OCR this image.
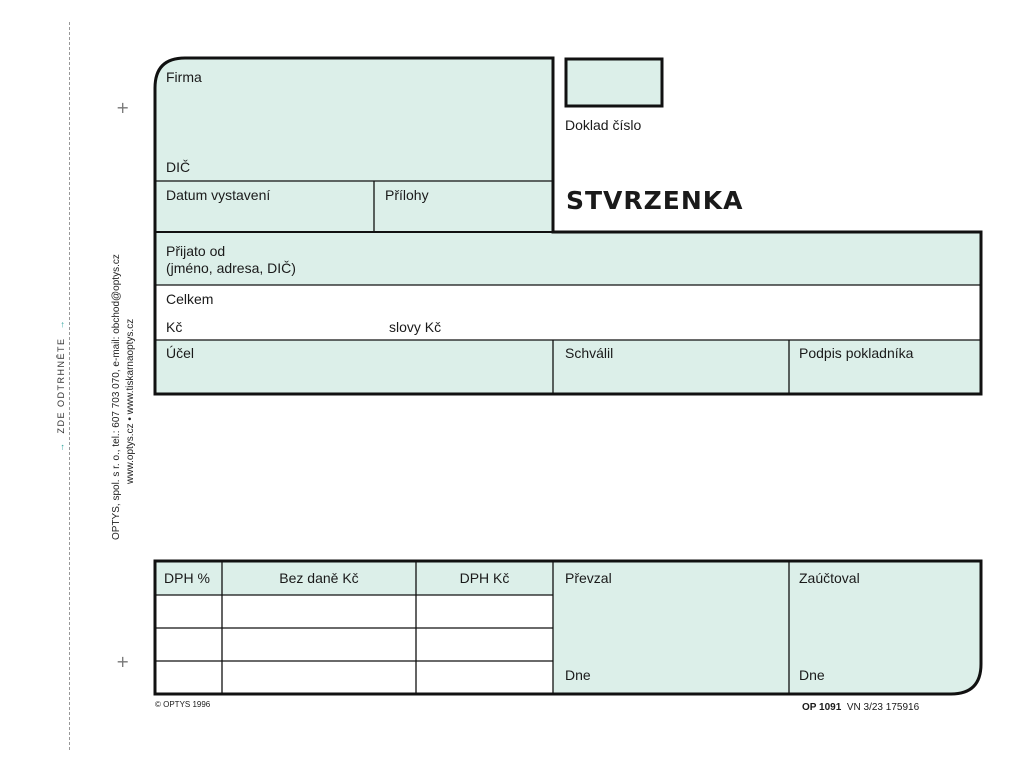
→  ZDE ODTRHNĚTE  →	OPTYS, spol. s r. o., tel.: 607 703 070, e-mail: obchod@optys.cz www.optys.cz • www.tiskarnaoptys.cz
+
+
Firma
DIČ
Datum vystavení	Přílohy
Doklad číslo
STVRZENKA
Přijato od
(jméno, adresa, DIČ)
Celkem
Kč	slovy Kč
Účel	Schválil	Podpis pokladníka
DPH %	Bez daně Kč	DPH Kč	Převzal	Zaúčtoval
Dne	Dne
© OPTYS 1996	OP 1091 VN 3/23 175916
